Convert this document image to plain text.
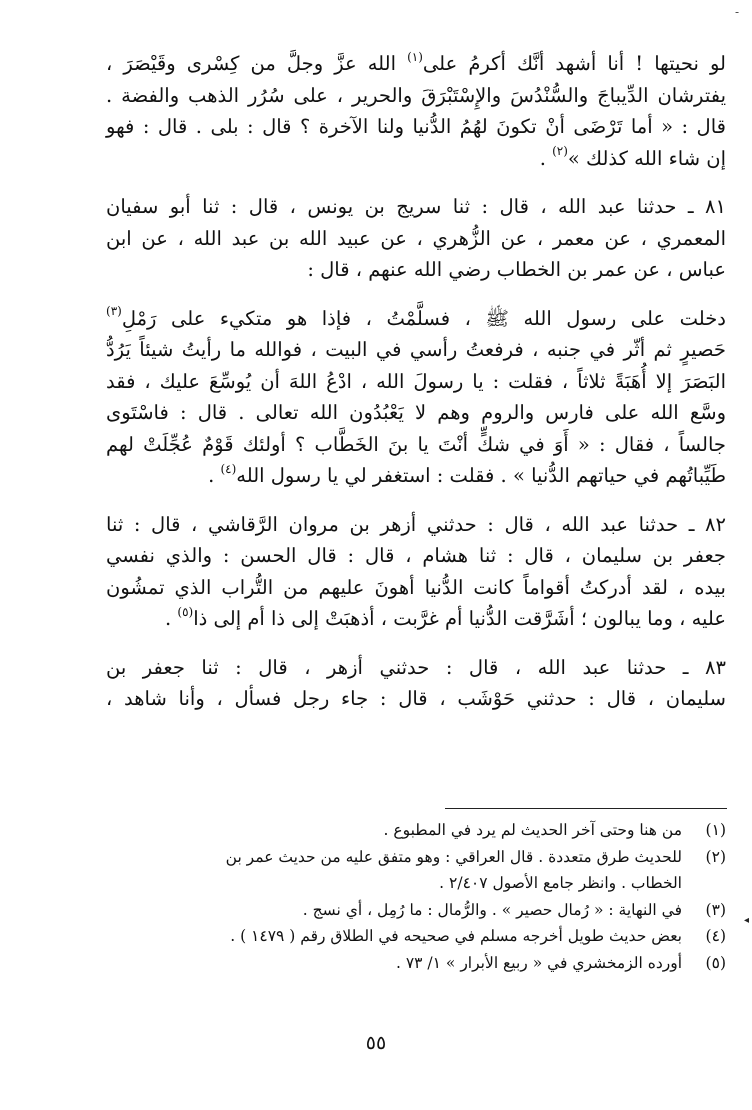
-
◂
لو نحيتها ! أنا أشهد أنَّك أكرمُ على$^{(١)}$ الله عزَّ وجلَّ من كِسْرى وقَيْصَرَ ،
يفترشان الدِّيباجَ والسُّنْدُسَ والإِسْتَبْرَقَ والحرير ، على سُرُر الذهب والفضة .
قال : « أما تَرْضَى أنْ تكونَ لهُمُ الدُّنيا ولنا الآخرة ؟ قال : بلى . قال : فهو
إن شاء الله كذلك »$^{(٢)}$ .
٨١ ـ حدثنا عبد الله ، قال : ثنا سريج بن يونس ، قال : ثنا أبو سفيان
المعمري ، عن معمر ، عن الزُّهري ، عن عبيد الله بن عبد الله ، عن ابن
عباس ، عن عمر بن الخطاب رضي الله عنهم ، قال :
دخلت على رسول الله ﷺ ، فسلَّمْتُ ، فإذا هو متكيء على رَمْلِ$^{(٣)}$
حَصيرٍ ثم أثّر في جنبه ، فرفعتُ رأسي في البيت ، فوالله ما رأيتُ شيئاً يَرُدُّ
البَصَرَ إلا أُهَبَةً ثلاثاً ، فقلت : يا رسولَ الله ، ادْعُ اللهَ أن يُوسِّعَ عليك ، فقد
وسَّع الله على فارس والروم وهم لا يَعْبُدُون الله تعالى . قال : فاسْتَوى
جالساً ، فقال : « أَوَ في شكٍّ أنْتَ يا بنَ الخَطَّاب ؟ أولئك قَوْمٌ عُجِّلَتْ لهم
طَيِّباتُهم في حياتهم الدُّنيا » . فقلت : استغفر لي يا رسول الله$^{(٤)}$ .
٨٢ ـ حدثنا عبد الله ، قال : حدثني أزهر بن مروان الرَّقاشي ، قال : ثنا
جعفر بن سليمان ، قال : ثنا هشام ، قال : قال الحسن : والذي نفسي
بيده ، لقد أدركتُ أقواماً كانت الدُّنيا أهونَ عليهم من التُّراب الذي تمشُون
عليه ، وما يبالون ؛ أشَرَّقت الدُّنيا أم غرَّبت ، أذهبَتْ إلى ذا أم إلى ذا$^{(٥)}$ .
٨٣ ـ حدثنا عبد الله ، قال : حدثني أزهر ، قال : ثنا جعفر بن
سليمان ، قال : حدثني حَوْشَب ، قال : جاء رجل فسأل ، وأنا شاهد ،
(١)
من هنا وحتى آخر الحديث لم يرد في المطبوع .
(٢)
للحديث طرق متعددة . قال العراقي : وهو متفق عليه من حديث عمر بن
الخطاب . وانظر جامع الأصول ٢/٤٠٧ .
(٣)
في النهاية : « رُمال حصير » . والرُّمال : ما رُمِل ، أي نسج .
(٤)
بعض حديث طويل أخرجه مسلم في صحيحه في الطلاق رقم ( ١٤٧٩ ) .
(٥)
أورده الزمخشري في « ربيع الأبرار » ١/ ٧٣ .
٥٥
